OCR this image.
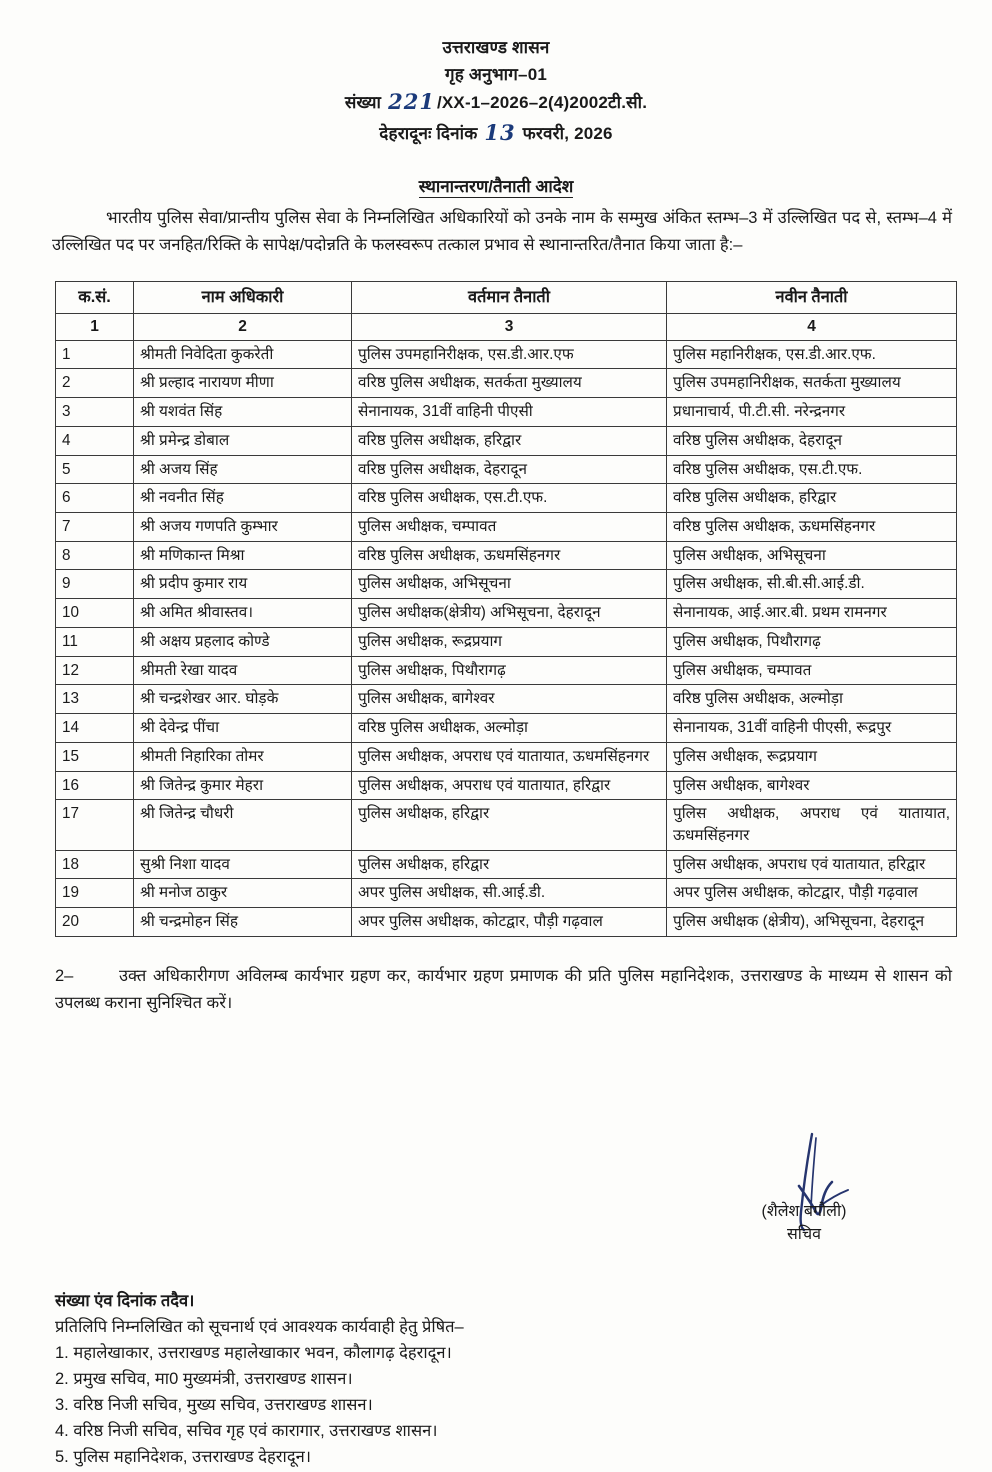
उत्तराखण्ड शासन
गृह अनुभाग–01
संख्या 221 /XX-1–2026–2(4)2002टी.सी.
देहरादूनः दिनांक 13 फरवरी, 2026
स्थानान्तरण/तैनाती आदेश

भारतीय पुलिस सेवा/प्रान्तीय पुलिस सेवा के निम्नलिखित अधिकारियों को उनके नाम के सम्मुख अंकित स्तम्भ–3 में उल्लिखित पद से, स्तम्भ–4 में उल्लिखित पद पर जनहित/रिक्ति के सापेक्ष/पदोन्नति के फलस्वरूप तत्काल प्रभाव से स्थानान्तरित/तैनात किया जाता है:–

क.सं.	नाम अधिकारी	वर्तमान तैनाती	नवीन तैनाती
1	2	3	4
1	श्रीमती निवेदिता कुकरेती	पुलिस उपमहानिरीक्षक, एस.डी.आर.एफ	पुलिस महानिरीक्षक, एस.डी.आर.एफ.
2	श्री प्रल्हाद नारायण मीणा	वरिष्ठ पुलिस अधीक्षक, सतर्कता मुख्यालय	पुलिस उपमहानिरीक्षक, सतर्कता मुख्यालय
3	श्री यशवंत सिंह	सेनानायक, 31वीं वाहिनी पीएसी	प्रधानाचार्य, पी.टी.सी. नरेन्द्रनगर
4	श्री प्रमेन्द्र डोबाल	वरिष्ठ पुलिस अधीक्षक, हरिद्वार	वरिष्ठ पुलिस अधीक्षक, देहरादून
5	श्री अजय सिंह	वरिष्ठ पुलिस अधीक्षक, देहरादून	वरिष्ठ पुलिस अधीक्षक, एस.टी.एफ.
6	श्री नवनीत सिंह	वरिष्ठ पुलिस अधीक्षक, एस.टी.एफ.	वरिष्ठ पुलिस अधीक्षक, हरिद्वार
7	श्री अजय गणपति कुम्भार	पुलिस अधीक्षक, चम्पावत	वरिष्ठ पुलिस अधीक्षक, ऊधमसिंहनगर
8	श्री मणिकान्त मिश्रा	वरिष्ठ पुलिस अधीक्षक, ऊधमसिंहनगर	पुलिस अधीक्षक, अभिसूचना
9	श्री प्रदीप कुमार राय	पुलिस अधीक्षक, अभिसूचना	पुलिस अधीक्षक, सी.बी.सी.आई.डी.
10	श्री अमित श्रीवास्तव।	पुलिस अधीक्षक(क्षेत्रीय) अभिसूचना, देहरादून	सेनानायक, आई.आर.बी. प्रथम रामनगर
11	श्री अक्षय प्रहलाद कोण्डे	पुलिस अधीक्षक, रूद्रप्रयाग	पुलिस अधीक्षक, पिथौरागढ़
12	श्रीमती रेखा यादव	पुलिस अधीक्षक, पिथौरागढ़	पुलिस अधीक्षक, चम्पावत
13	श्री चन्द्रशेखर आर. घोड़के	पुलिस अधीक्षक, बागेश्वर	वरिष्ठ पुलिस अधीक्षक, अल्मोड़ा
14	श्री देवेन्द्र पींचा	वरिष्ठ पुलिस अधीक्षक, अल्मोड़ा	सेनानायक, 31वीं वाहिनी पीएसी, रूद्रपुर
15	श्रीमती निहारिका तोमर	पुलिस अधीक्षक, अपराध एवं यातायात, ऊधमसिंहनगर	पुलिस अधीक्षक, रूद्रप्रयाग
16	श्री जितेन्द्र कुमार मेहरा	पुलिस अधीक्षक, अपराध एवं यातायात, हरिद्वार	पुलिस अधीक्षक, बागेश्वर
17	श्री जितेन्द्र चौधरी	पुलिस अधीक्षक, हरिद्वार	पुलिस अधीक्षक, अपराध एवं यातायात, ऊधमसिंहनगर
18	सुश्री निशा यादव	पुलिस अधीक्षक, हरिद्वार	पुलिस अधीक्षक, अपराध एवं यातायात, हरिद्वार
19	श्री मनोज ठाकुर	अपर पुलिस अधीक्षक, सी.आई.डी.	अपर पुलिस अधीक्षक, कोटद्वार, पौड़ी गढ़वाल
20	श्री चन्द्रमोहन सिंह	अपर पुलिस अधीक्षक, कोटद्वार, पौड़ी गढ़वाल	पुलिस अधीक्षक (क्षेत्रीय), अभिसूचना, देहरादून

2–	उक्त अधिकारीगण अविलम्ब कार्यभार ग्रहण कर, कार्यभार ग्रहण प्रमाणक की प्रति पुलिस महानिदेशक, उत्तराखण्ड के माध्यम से शासन को उपलब्ध कराना सुनिश्चित करें।

(शैलेश बगौली)
सचिव
संख्या एंव दिनांक तदैव।
प्रतिलिपि निम्नलिखित को सूचनार्थ एवं आवश्यक कार्यवाही हेतु प्रेषित–
1. महालेखाकार, उत्तराखण्ड महालेखाकार भवन, कौलागढ़ देहरादून।
2. प्रमुख सचिव, मा0 मुख्यमंत्री, उत्तराखण्ड शासन।
3. वरिष्ठ निजी सचिव, मुख्य सचिव, उत्तराखण्ड शासन।
4. वरिष्ठ निजी सचिव, सचिव गृह एवं कारागार, उत्तराखण्ड शासन।
5. पुलिस महानिदेशक, उत्तराखण्ड देहरादून।
